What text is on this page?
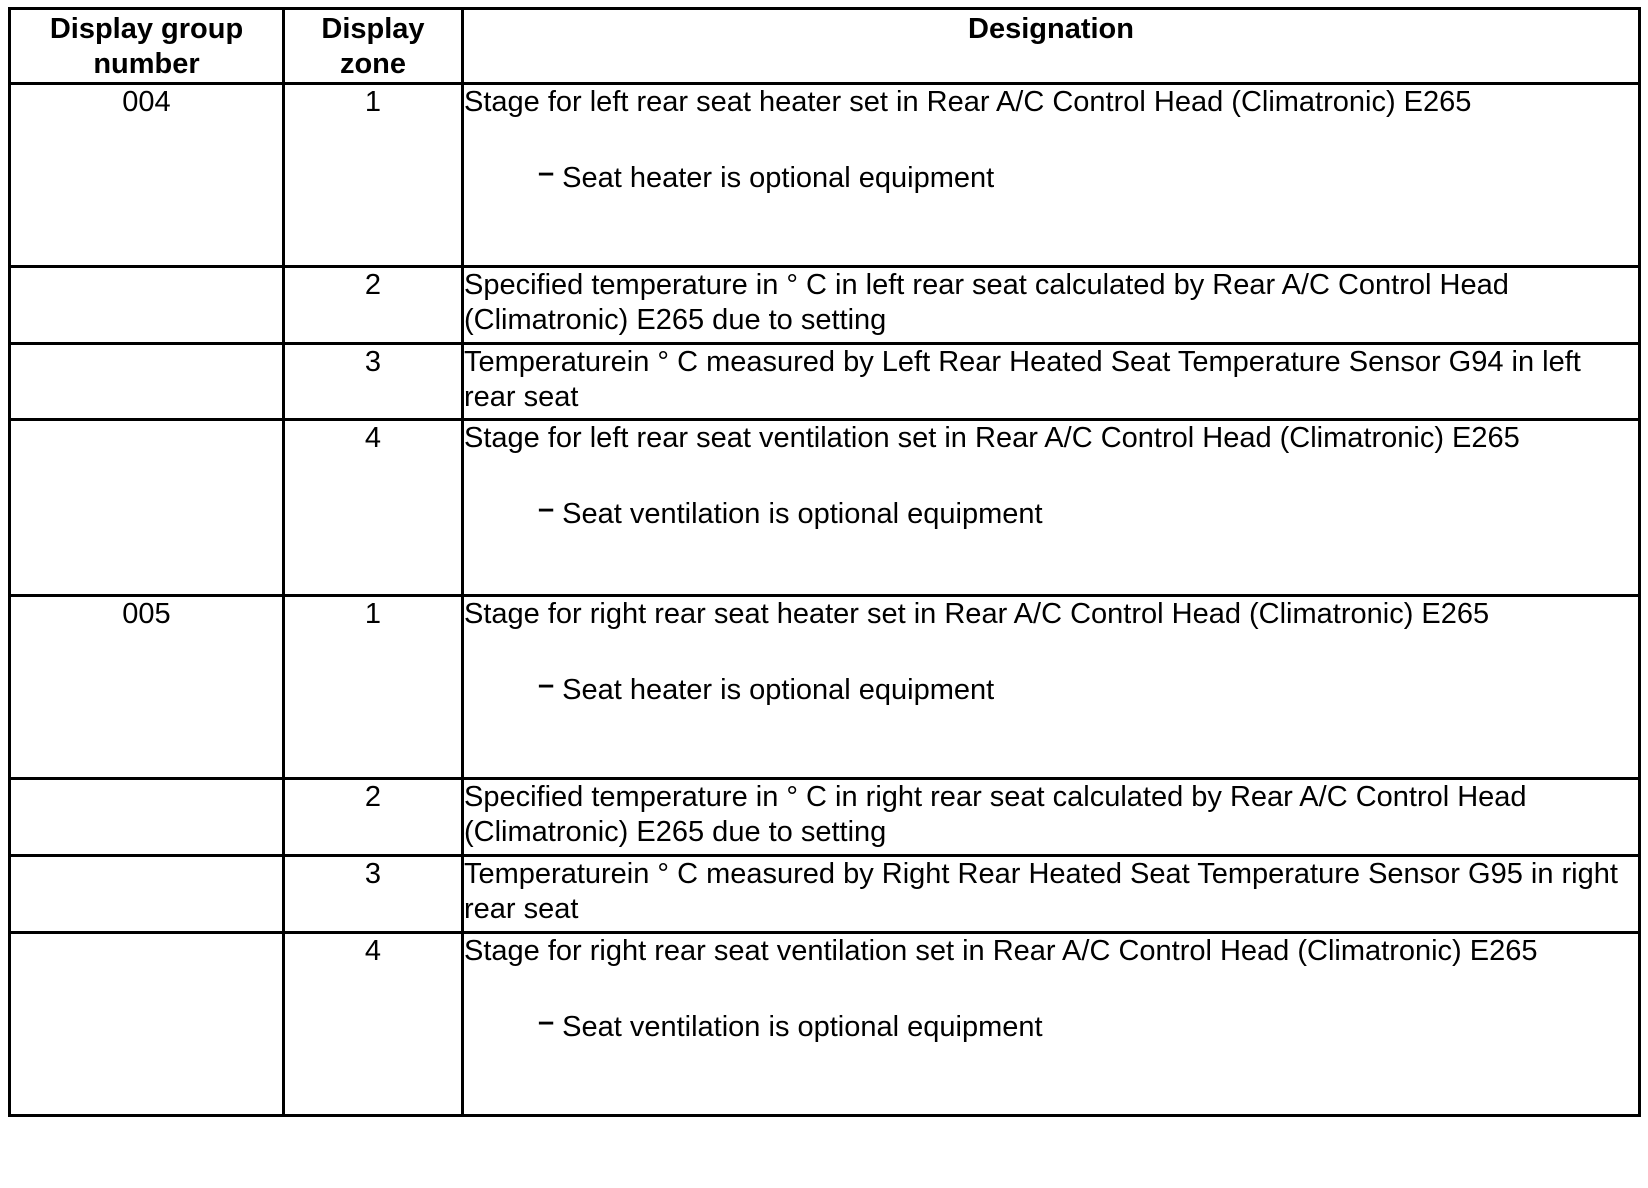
Display group number	Display zone	Designation
004	1	Stage for left rear seat heater set in Rear A/C Control Head (Climatronic) E265
– Seat heater is optional equipment

	2	Specified temperature in ° C in left rear seat calculated by Rear A/C Control Head (Climatronic) E265 due to setting

	3	Temperaturein ° C measured by Left Rear Heated Seat Temperature Sensor G94 in left rear seat

	4	Stage for left rear seat ventilation set in Rear A/C Control Head (Climatronic) E265
– Seat ventilation is optional equipment

005	1	Stage for right rear seat heater set in Rear A/C Control Head (Climatronic) E265
– Seat heater is optional equipment

	2	Specified temperature in ° C in right rear seat calculated by Rear A/C Control Head (Climatronic) E265 due to setting

	3	Temperaturein ° C measured by Right Rear Heated Seat Temperature Sensor G95 in right rear seat

	4	Stage for right rear seat ventilation set in Rear A/C Control Head (Climatronic) E265
– Seat ventilation is optional equipment
